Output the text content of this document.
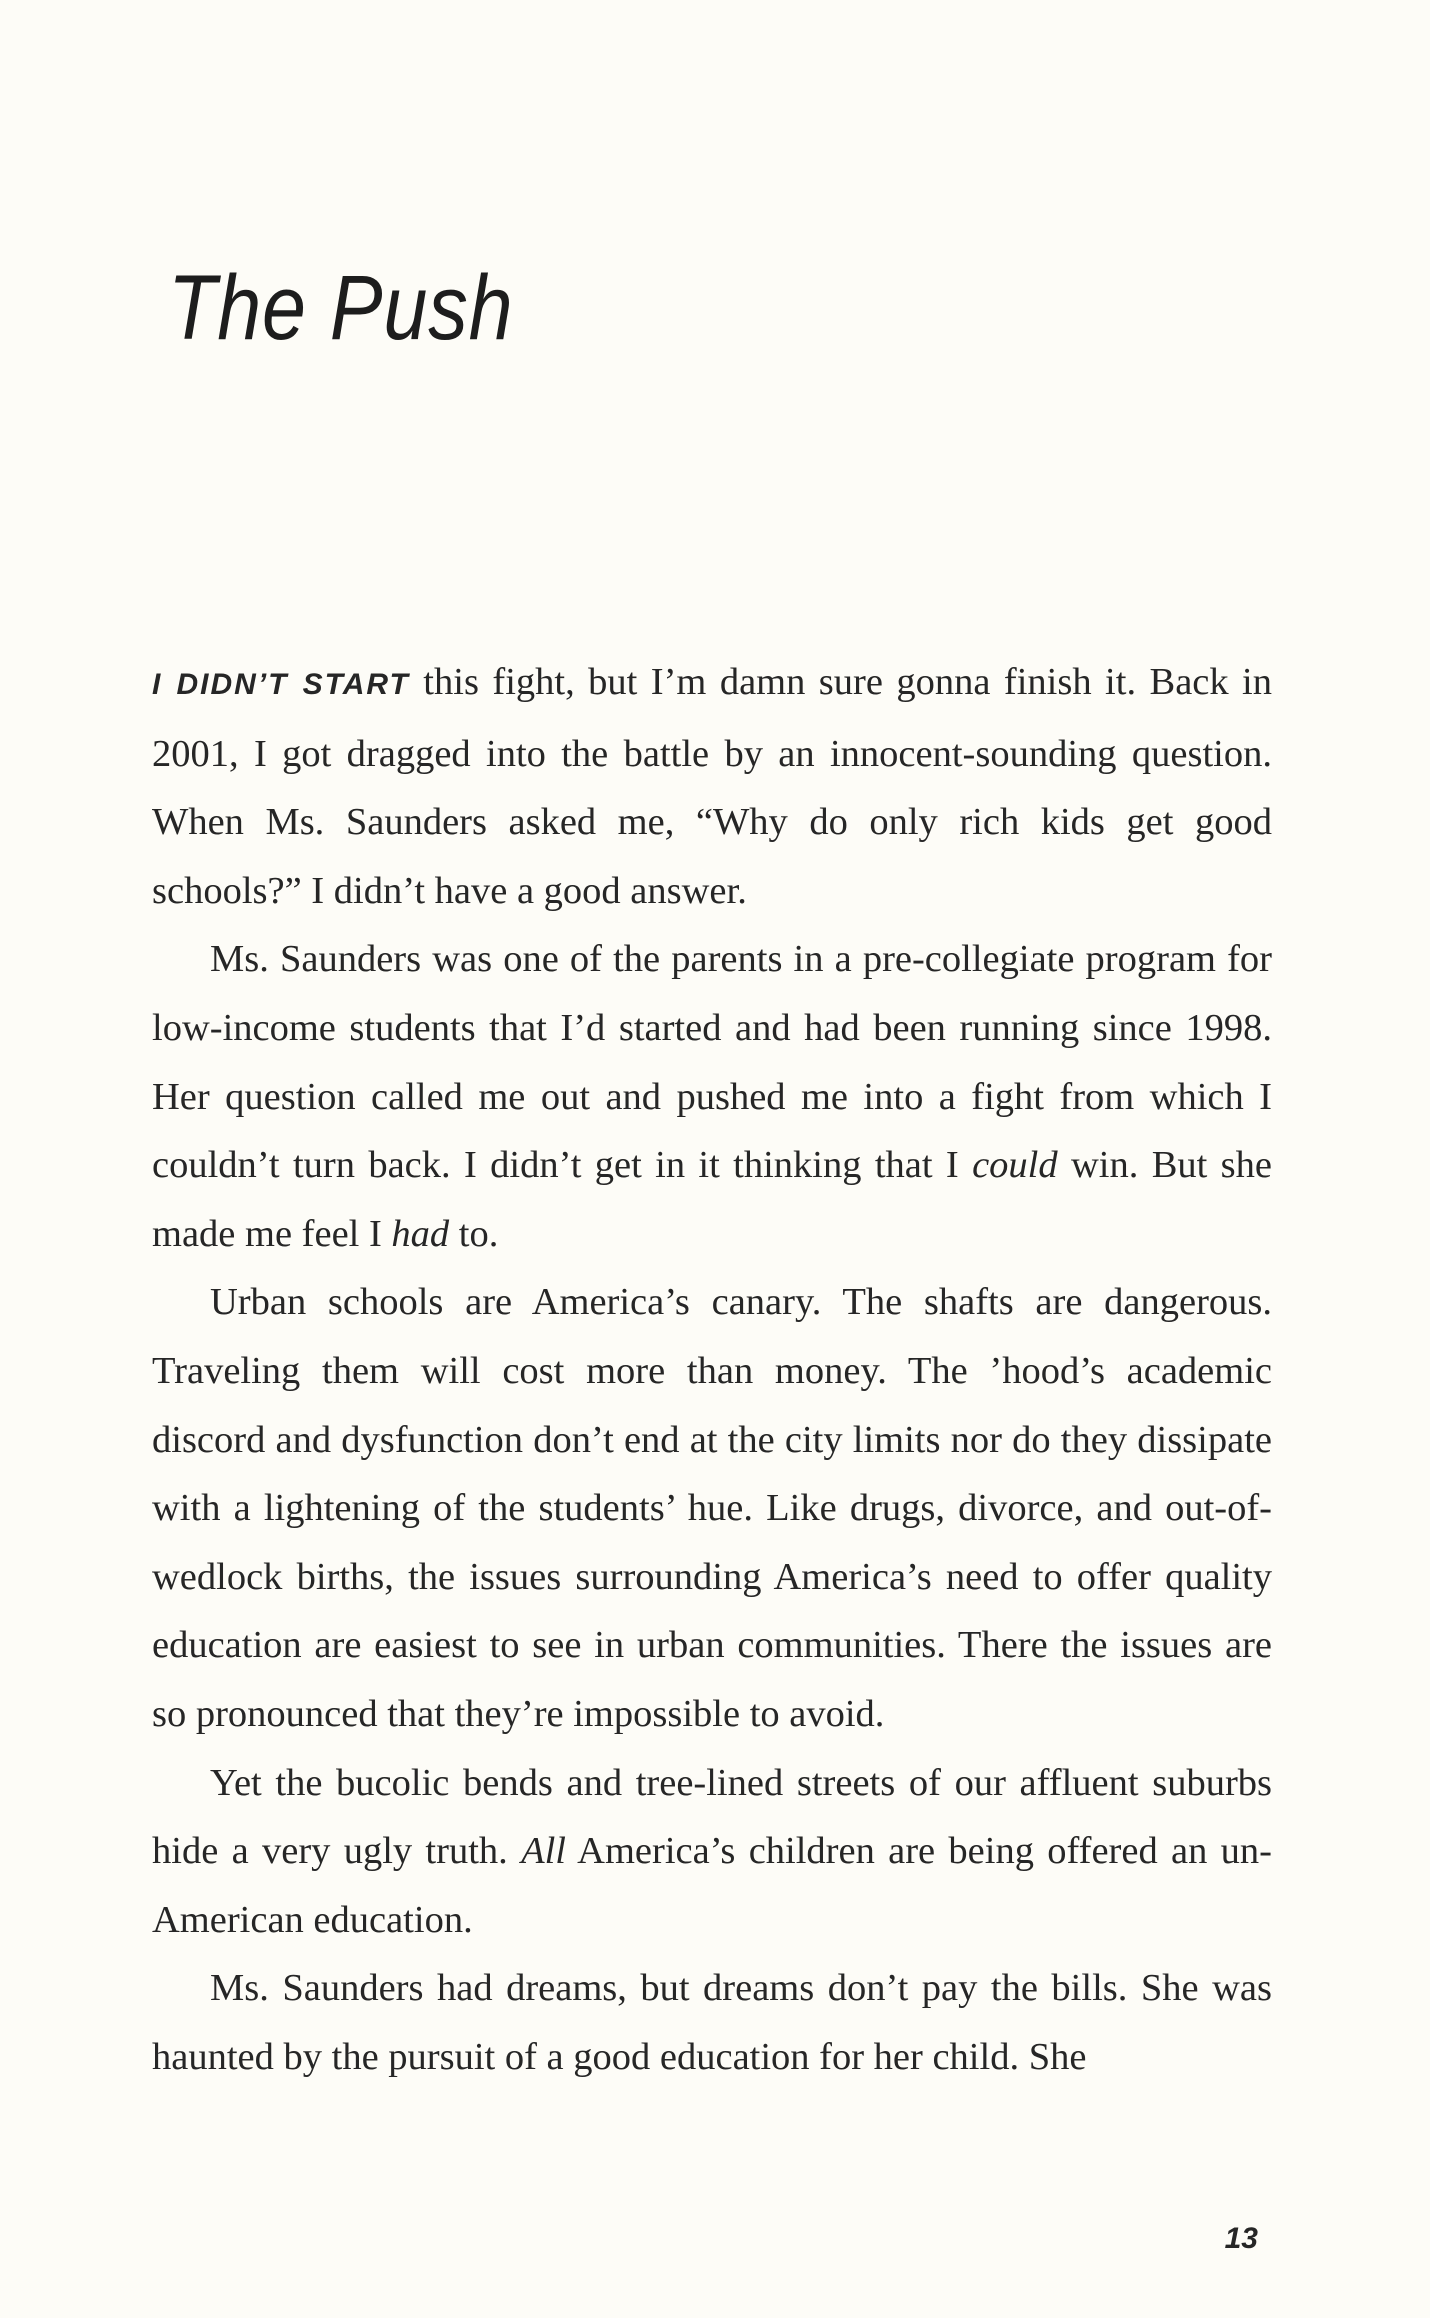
The Push

I DIDN’T START this fight, but I’m damn sure gonna finish it. Back in 2001, I got dragged into the battle by an innocent-sounding question. When Ms. Saunders asked me, “Why do only rich kids get good schools?” I didn’t have a good answer.

Ms. Saunders was one of the parents in a pre-collegiate program for low-income students that I’d started and had been running since 1998. Her question called me out and pushed me into a fight from which I couldn’t turn back. I didn’t get in it thinking that I could win. But she made me feel I had to.

Urban schools are America’s canary. The shafts are dangerous. Traveling them will cost more than money. The ’hood’s academic discord and dysfunction don’t end at the city limits nor do they dissipate with a lightening of the students’ hue. Like drugs, divorce, and out-of-wedlock births, the issues surrounding America’s need to offer quality education are easiest to see in urban communities. There the issues are so pronounced that they’re impossible to avoid.

Yet the bucolic bends and tree-lined streets of our affluent suburbs hide a very ugly truth. All America’s children are being offered an un-American education.

Ms. Saunders had dreams, but dreams don’t pay the bills. She was haunted by the pursuit of a good education for her child. She

13
